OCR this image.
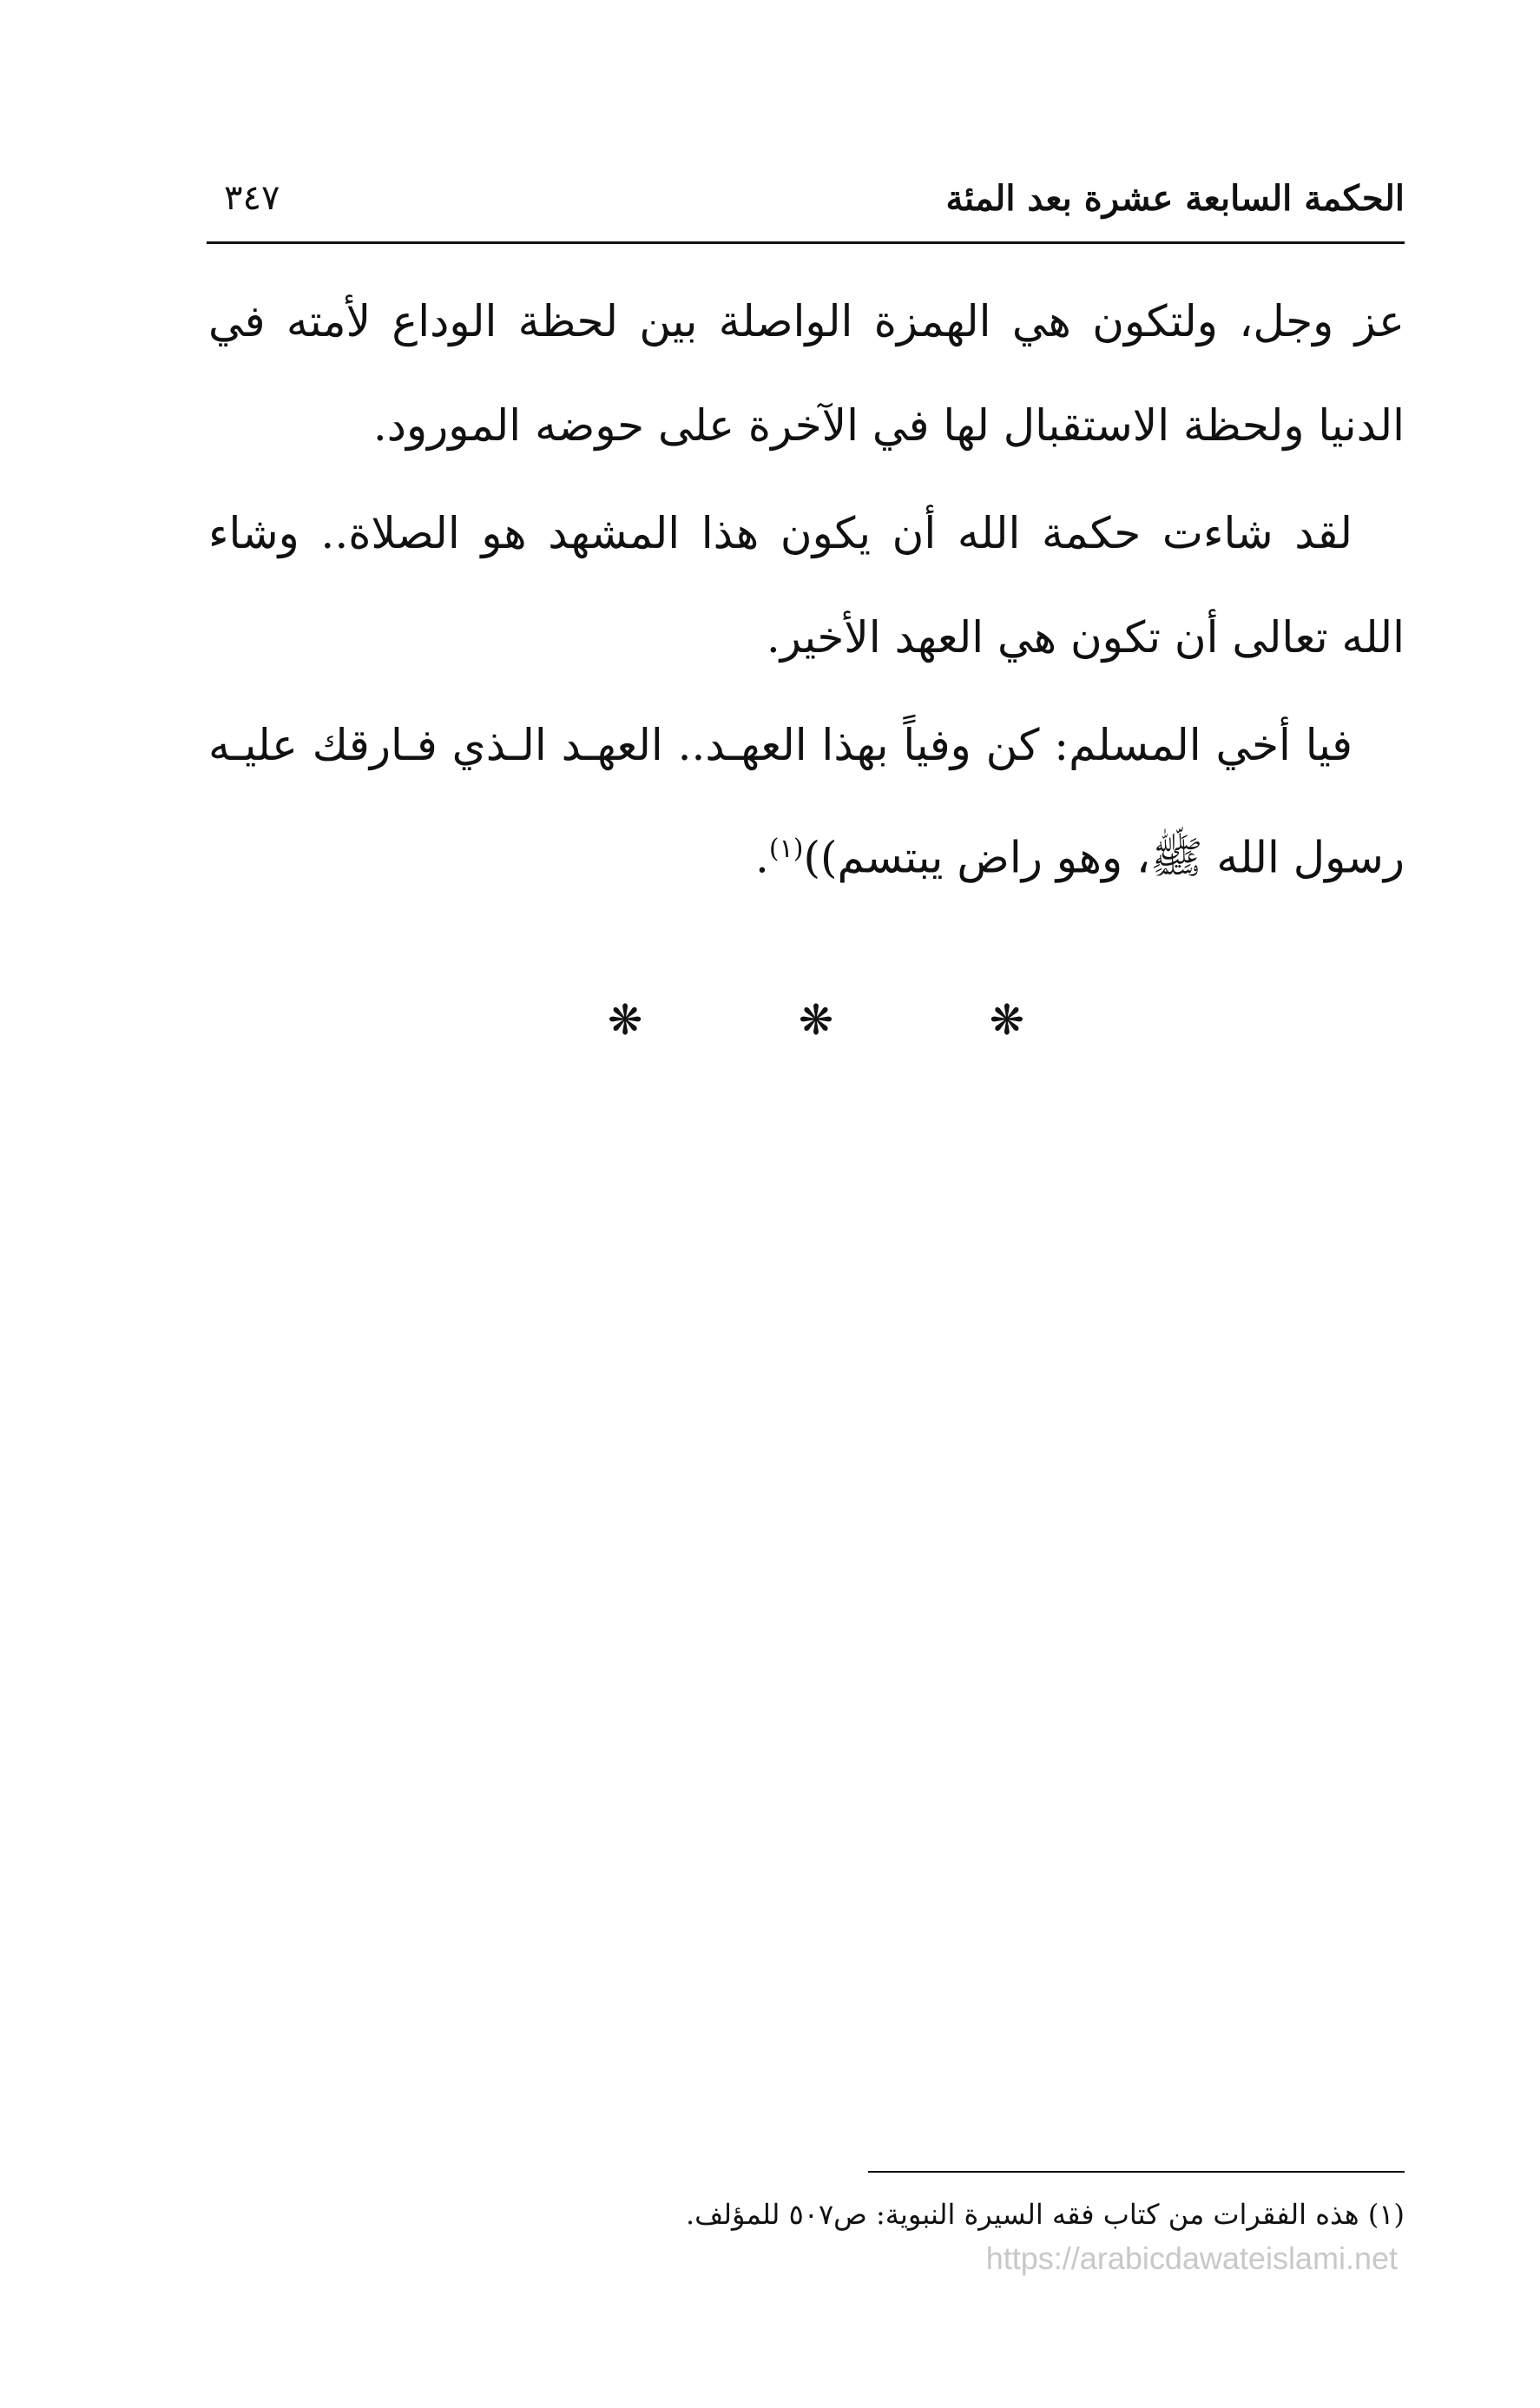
الحكمة السابعة عشرة بعد المئة
٣٤٧

عز وجل، ولتكون هي الهمزة الواصلة بين لحظة الوداع لأمته في الدنيا ولحظة الاستقبال لها في الآخرة على حوضه المورود.

لقد شاءت حكمة الله أن يكون هذا المشهد هو الصلاة.. وشاء الله تعالى أن تكون هي العهد الأخير.

فيا أخي المسلم: كن وفياً بهذا العهـد.. العهـد الـذي فـارقك عليـه رسول الله ﷺ، وهو راض يبتسم))$^{(١)}$.

❋
❋
❋
(١) هذه الفقرات من كتاب فقه السيرة النبوية: ص٥٠٧ للمؤلف.
https://arabicdawateislami.net
